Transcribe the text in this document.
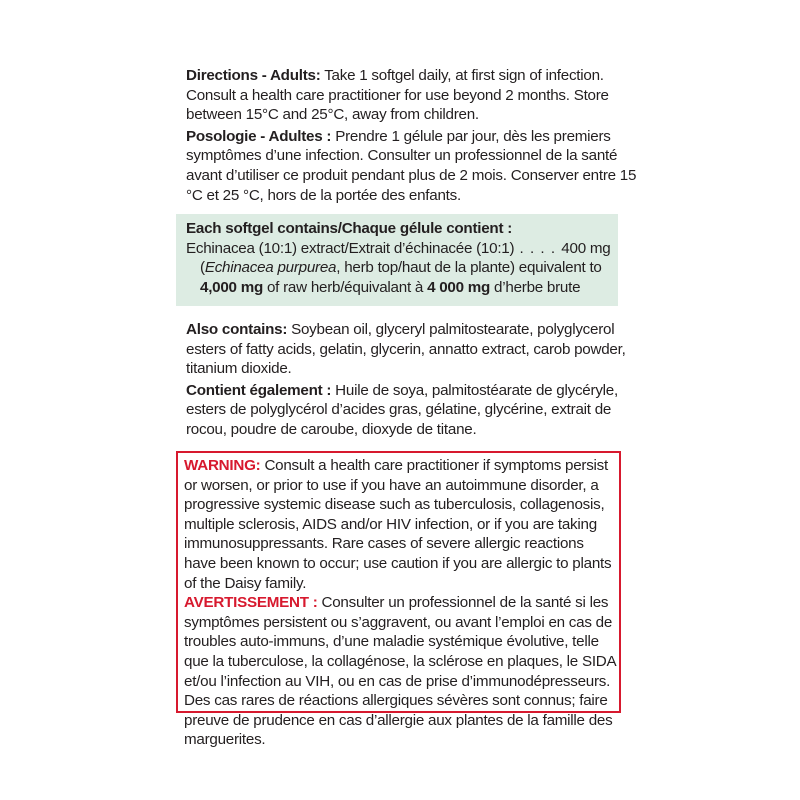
Directions - Adults: Take 1 softgel daily, at first sign of infection. Consult a health care practitioner for use beyond 2 months. Store between 15°C and 25°C, away from children.

Posologie - Adultes : Prendre 1 gélule par jour, dès les premiers symptômes d’une infection. Consulter un professionnel de la santé avant d’utiliser ce produit pendant plus de 2 mois. Conserver entre 15 °C et 25 °C, hors de la portée des enfants.

Each softgel contains/Chaque gélule contient :

Echinacea (10:1) extract/Extrait d’échinacée (10:1) . . . . 400 mg

(Echinacea purpurea, herb top/haut de la plante) equivalent to

4,000 mg of raw herb/équivalant à 4 000 mg d’herbe brute

Also contains: Soybean oil, glyceryl palmitostearate, polyglycerol esters of fatty acids, gelatin, glycerin, annatto extract, carob powder, titanium dioxide.

Contient également : Huile de soya, palmitostéarate de glycéryle, esters de polyglycérol d’acides gras, gélatine, glycérine, extrait de rocou, poudre de caroube, dioxyde de titane.

WARNING: Consult a health care practitioner if symptoms persist or worsen, or prior to use if you have an autoimmune disorder, a progressive systemic disease such as tuberculosis, collagenosis, multiple sclerosis, AIDS and/or HIV infection, or if you are taking immunosuppressants. Rare cases of severe allergic reactions have been known to occur; use caution if you are allergic to plants of the Daisy family.

AVERTISSEMENT : Consulter un professionnel de la santé si les symptômes persistent ou s’aggravent, ou avant l’emploi en cas de troubles auto-immuns, d’une maladie systémique évolutive, telle que la tuberculose, la collagénose, la sclérose en plaques, le SIDA et/ou l’infection au VIH, ou en cas de prise d’immunodépresseurs. Des cas rares de réactions allergiques sévères sont connus; faire preuve de prudence en cas d’allergie aux plantes de la famille des marguerites.
